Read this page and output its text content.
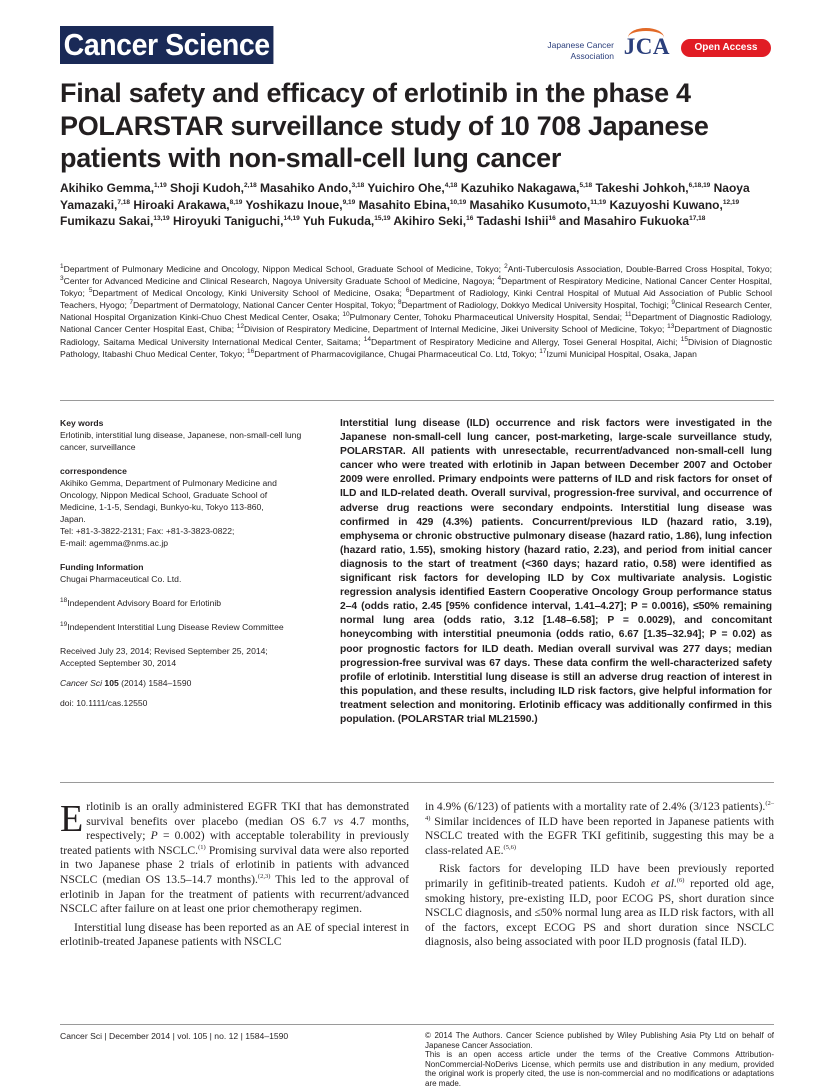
Cancer Science	Japanese Cancer
Association JCA	Open Access
Final safety and efficacy of erlotinib in the phase 4 POLARSTAR surveillance study of 10 708 Japanese patients with non-small-cell lung cancer
Akihiko Gemma,$^{1,19}$ Shoji Kudoh,$^{2,18}$ Masahiko Ando,$^{3,18}$ Yuichiro Ohe,$^{4,18}$ Kazuhiko Nakagawa,$^{5,18}$ Takeshi Johkoh,$^{6,18,19}$ Naoya Yamazaki,$^{7,18}$ Hiroaki Arakawa,$^{8,19}$ Yoshikazu Inoue,$^{9,19}$ Masahito Ebina,$^{10,19}$ Masahiko Kusumoto,$^{11,19}$ Kazuyoshi Kuwano,$^{12,19}$ Fumikazu Sakai,$^{13,19}$ Hiroyuki Taniguchi,$^{14,19}$ Yuh Fukuda,$^{15,19}$ Akihiro Seki,$^{16}$ Tadashi Ishii$^{16}$ and Masahiro Fukuoka$^{17,18}$
$^1$Department of Pulmonary Medicine and Oncology, Nippon Medical School, Graduate School of Medicine, Tokyo; $^2$Anti-Tuberculosis Association, Double-Barred Cross Hospital, Tokyo; $^3$Center for Advanced Medicine and Clinical Research, Nagoya University Graduate School of Medicine, Nagoya; $^4$Department of Respiratory Medicine, National Cancer Center Hospital, Tokyo; $^5$Department of Medical Oncology, Kinki University School of Medicine, Osaka; $^6$Department of Radiology, Kinki Central Hospital of Mutual Aid Association of Public School Teachers, Hyogo; $^7$Department of Dermatology, National Cancer Center Hospital, Tokyo; $^8$Department of Radiology, Dokkyo Medical University Hospital, Tochigi; $^9$Clinical Research Center, National Hospital Organization Kinki-Chuo Chest Medical Center, Osaka; $^{10}$Pulmonary Center, Tohoku Pharmaceutical University Hospital, Sendai; $^{11}$Department of Diagnostic Radiology, National Cancer Center Hospital East, Chiba; $^{12}$Division of Respiratory Medicine, Department of Internal Medicine, Jikei University School of Medicine, Tokyo; $^{13}$Department of Diagnostic Radiology, Saitama Medical University International Medical Center, Saitama; $^{14}$Department of Respiratory Medicine and Allergy, Tosei General Hospital, Aichi; $^{15}$Division of Diagnostic Pathology, Itabashi Chuo Medical Center, Tokyo; $^{16}$Department of Pharmacovigilance, Chugai Pharmaceutical Co. Ltd, Tokyo; $^{17}$Izumi Municipal Hospital, Osaka, Japan
Key words
Erlotinib, interstitial lung disease, Japanese, non-small-cell lung cancer, surveillance
correspondence
Akihiko Gemma, Department of Pulmonary Medicine and
Oncology, Nippon Medical School, Graduate School of
Medicine, 1-1-5, Sendagi, Bunkyo-ku, Tokyo 113-860,
Japan.
Tel: +81-3-3822-2131; Fax: +81-3-3823-0822;
E-mail: agemma@nms.ac.jp
Funding Information
Chugai Pharmaceutical Co. Ltd.
$^{18}$Independent Advisory Board for Erlotinib
$^{19}$Independent Interstitial Lung Disease Review Committee
Received July 23, 2014; Revised September 25, 2014;
Accepted September 30, 2014
Cancer Sci 105 (2014) 1584–1590
doi: 10.1111/cas.12550
Interstitial lung disease (ILD) occurrence and risk factors were investigated in the Japanese non-small-cell lung cancer, post-marketing, large-scale surveillance study, POLARSTAR. All patients with unresectable, recurrent/advanced non-small-cell lung cancer who were treated with erlotinib in Japan between December 2007 and October 2009 were enrolled. Primary endpoints were patterns of ILD and risk factors for onset of ILD and ILD-related death. Overall survival, progression-free survival, and occurrence of adverse drug reactions were secondary endpoints. Interstitial lung disease was confirmed in 429 (4.3%) patients. Concurrent/previous ILD (hazard ratio, 3.19), emphysema or chronic obstructive pulmonary disease (hazard ratio, 1.86), lung infection (hazard ratio, 1.55), smoking history (hazard ratio, 2.23), and period from initial cancer diagnosis to the start of treatment (<360 days; hazard ratio, 0.58) were identified as significant risk factors for developing ILD by Cox multivariate analysis. Logistic regression analysis identified Eastern Cooperative Oncology Group performance status 2–4 (odds ratio, 2.45 [95% confidence interval, 1.41–4.27]; P = 0.0016), ≤50% remaining normal lung area (odds ratio, 3.12 [1.48–6.58]; P = 0.0029), and concomitant honeycombing with interstitial pneumonia (odds ratio, 6.67 [1.35–32.94]; P = 0.02) as poor prognostic factors for ILD death. Median overall survival was 277 days; median progression-free survival was 67 days. These data confirm the well-characterized safety profile of erlotinib. Interstitial lung disease is still an adverse drug reaction of interest in this population, and these results, including ILD risk factors, give helpful information for treatment selection and monitoring. Erlotinib efficacy was additionally confirmed in this population. (POLARSTAR trial ML21590.)

Erlotinib is an orally administered EGFR TKI that has demonstrated survival benefits over placebo (median OS 6.7 vs 4.7 months, respectively; P = 0.002) with acceptable tolerability in previously treated patients with NSCLC.$^{(1)}$ Promising survival data were also reported in two Japanese phase 2 trials of erlotinib in patients with advanced NSCLC (median OS 13.5–14.7 months).$^{(2,3)}$ This led to the approval of erlotinib in Japan for the treatment of patients with recurrent/advanced NSCLC after failure on at least one prior chemotherapy regimen.

Interstitial lung disease has been reported as an AE of special interest in erlotinib-treated Japanese patients with NSCLC

in 4.9% (6/123) of patients with a mortality rate of 2.4% (3/123 patients).$^{(2-4)}$ Similar incidences of ILD have been reported in Japanese patients with NSCLC treated with the EGFR TKI gefitinib, suggesting this may be a class-related AE.$^{(5,6)}$

Risk factors for developing ILD have been previously reported primarily in gefitinib-treated patients. Kudoh et al.$^{(6)}$ reported old age, smoking history, pre-existing ILD, poor ECOG PS, short duration since NSCLC diagnosis, and ≤50% normal lung area as ILD risk factors, with all of the factors, except ECOG PS and short duration since NSCLC diagnosis, also being associated with poor ILD prognosis (fatal ILD).

Cancer Sci | December 2014 | vol. 105 | no. 12 | 1584–1590	© 2014 The Authors. Cancer Science published by Wiley Publishing Asia Pty Ltd on behalf of Japanese Cancer Association.
This is an open access article under the terms of the Creative Commons Attribution-NonCommercial-NoDerivs License, which permits use and distribution in any medium, provided the original work is properly cited, the use is non-commercial and no modifications or adaptations are made.
